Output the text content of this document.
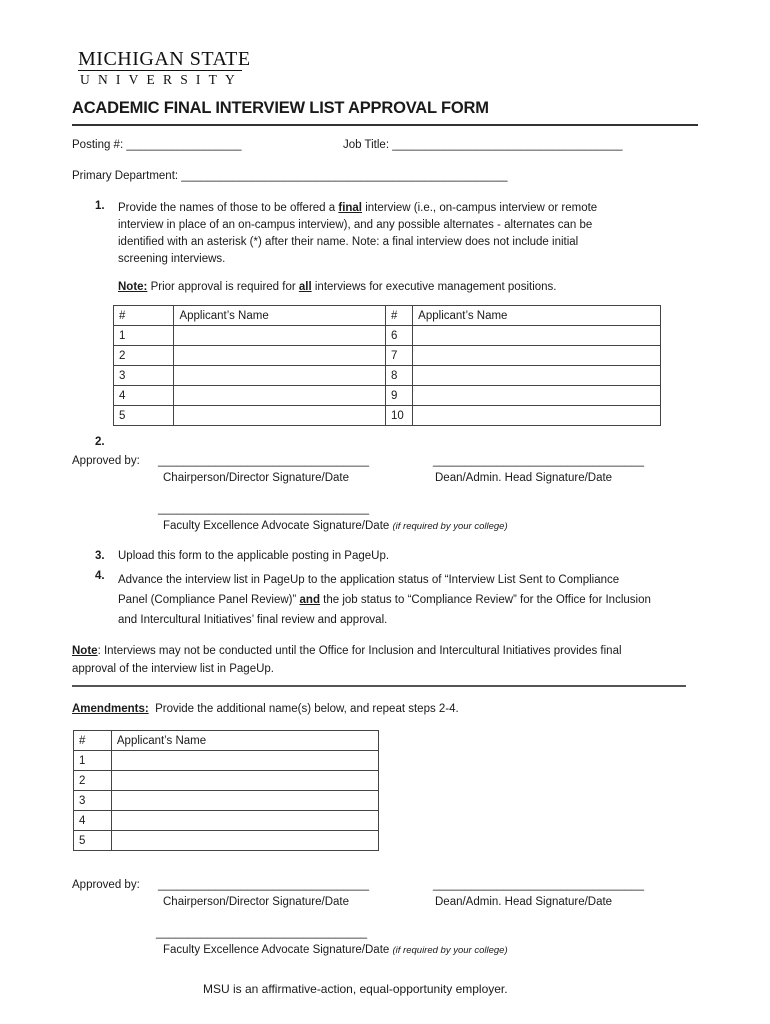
MICHIGAN STATE
UNIVERSITY
ACADEMIC FINAL INTERVIEW LIST APPROVAL FORM
Posting #: __________________	Job Title: ____________________________________
Primary Department: ___________________________________________________
1. Provide the names of those to be offered a final interview (i.e., on-campus interview or remote
interview in place of an on-campus interview), and any possible alternates - alternates can be
identified with an asterisk (*) after their name. Note: a final interview does not include initial
screening interviews.
Note: Prior approval is required for all interviews for executive management positions.
#	Applicant’s Name	#	Applicant’s Name
1		6	
2		7	
3		8	
4		9	
5		10	
2.
Approved by: _________________________________	_________________________________
Chairperson/Director Signature/Date	Dean/Admin. Head Signature/Date
_________________________________
Faculty Excellence Advocate Signature/Date (if required by your college)
3. Upload this form to the applicable posting in PageUp.
4. Advance the interview list in PageUp to the application status of “Interview List Sent to Compliance
Panel (Compliance Panel Review)” and the job status to “Compliance Review” for the Office for Inclusion
and Intercultural Initiatives’ final review and approval.
Note: Interviews may not be conducted until the Office for Inclusion and Intercultural Initiatives provides final
approval of the interview list in PageUp.
Amendments:  Provide the additional name(s) below, and repeat steps 2-4.
#	Applicant’s Name
1	
2	
3	
4	
5	
Approved by: _________________________________	_________________________________
Chairperson/Director Signature/Date	Dean/Admin. Head Signature/Date
_________________________________
Faculty Excellence Advocate Signature/Date (if required by your college)
MSU is an affirmative-action, equal-opportunity employer.
